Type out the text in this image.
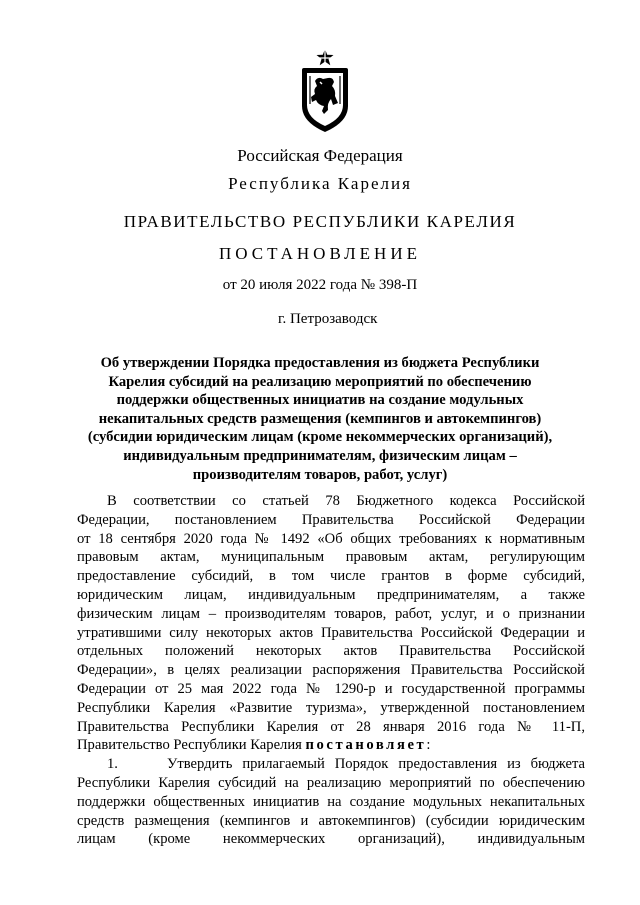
Российская Федерация
Республика Карелия
ПРАВИТЕЛЬСТВО РЕСПУБЛИКИ КАРЕЛИЯ
ПОСТАНОВЛЕНИЕ
от 20 июля 2022 года № 398-П
г. Петрозаводск
Об утверждении Порядка предоставления из бюджета Республики
Карелия субсидий на реализацию мероприятий по обеспечению
поддержки общественных инициатив на создание модульных
некапитальных средств размещения (кемпингов и автокемпингов)
(субсидии юридическим лицам (кроме некоммерческих организаций),
индивидуальным предпринимателям, физическим лицам –
производителям товаров, работ, услуг)
В соответствии со статьей 78 Бюджетного кодекса Российской
Федерации, постановлением Правительства Российской Федерации
от 18 сентября 2020 года № 1492 «Об общих требованиях к нормативным
правовым актам, муниципальным правовым актам, регулирующим
предоставление субсидий, в том числе грантов в форме субсидий,
юридическим лицам, индивидуальным предпринимателям, а также
физическим лицам – производителям товаров, работ, услуг, и о признании
утратившими силу некоторых актов Правительства Российской Федерации и
отдельных положений некоторых актов Правительства Российской
Федерации», в целях реализации распоряжения Правительства Российской
Федерации от 25 мая 2022 года № 1290-р и государственной программы
Республики Карелия «Развитие туризма», утвержденной постановлением
Правительства Республики Карелия от 28 января 2016 года № 11-П,
Правительство Республики Карелия постановляет:
1.	Утвердить прилагаемый Порядок предоставления из бюджета
Республики Карелия субсидий на реализацию мероприятий по обеспечению
поддержки общественных инициатив на создание модульных некапитальных
средств размещения (кемпингов и автокемпингов) (субсидии юридическим
лицам (кроме некоммерческих организаций), индивидуальным
